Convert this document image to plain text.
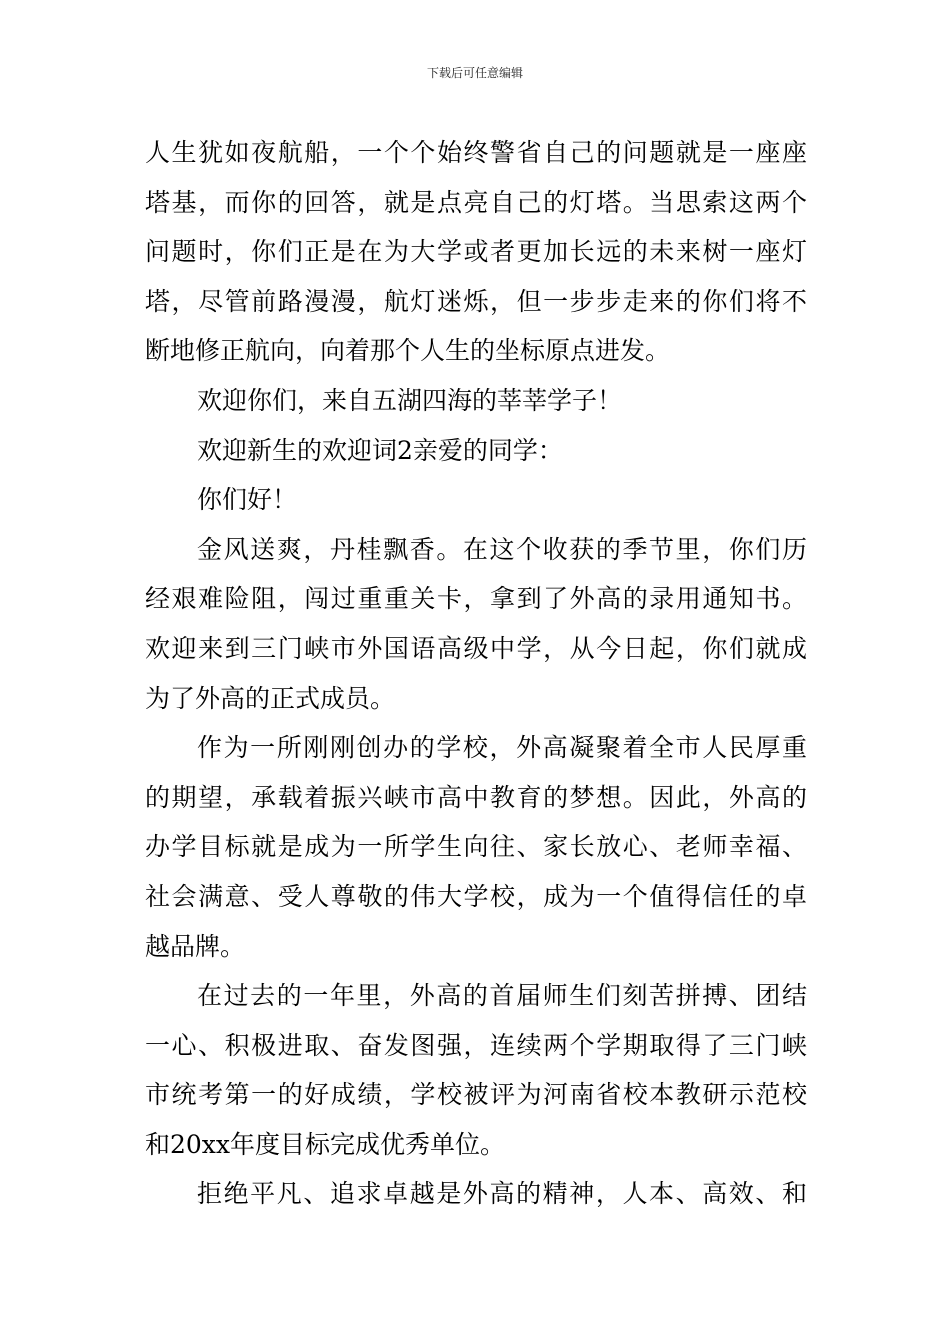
下载后可任意编辑
人生犹如夜航船，一个个始终警省自己的问题就是一座座
塔基，而你的回答，就是点亮自己的灯塔。当思索这两个
问题时，你们正是在为大学或者更加长远的未来树一座灯
塔，尽管前路漫漫，航灯迷烁，但一步步走来的你们将不
断地修正航向，向着那个人生的坐标原点进发。
欢迎你们，来自五湖四海的莘莘学子！
欢迎新生的欢迎词2亲爱的同学：
你们好！
金风送爽，丹桂飘香。在这个收获的季节里，你们历
经艰难险阻，闯过重重关卡，拿到了外高的录用通知书。
欢迎来到三门峡市外国语高级中学，从今日起，你们就成
为了外高的正式成员。
作为一所刚刚创办的学校，外高凝聚着全市人民厚重
的期望，承载着振兴峡市高中教育的梦想。因此，外高的
办学目标就是成为一所学生向往、家长放心、老师幸福、
社会满意、受人尊敬的伟大学校，成为一个值得信任的卓
越品牌。
在过去的一年里，外高的首届师生们刻苦拼搏、团结
一心、积极进取、奋发图强，连续两个学期取得了三门峡
市统考第一的好成绩，学校被评为河南省校本教研示范校
和20xx年度目标完成优秀单位。
拒绝平凡、追求卓越是外高的精神，人本、高效、和
